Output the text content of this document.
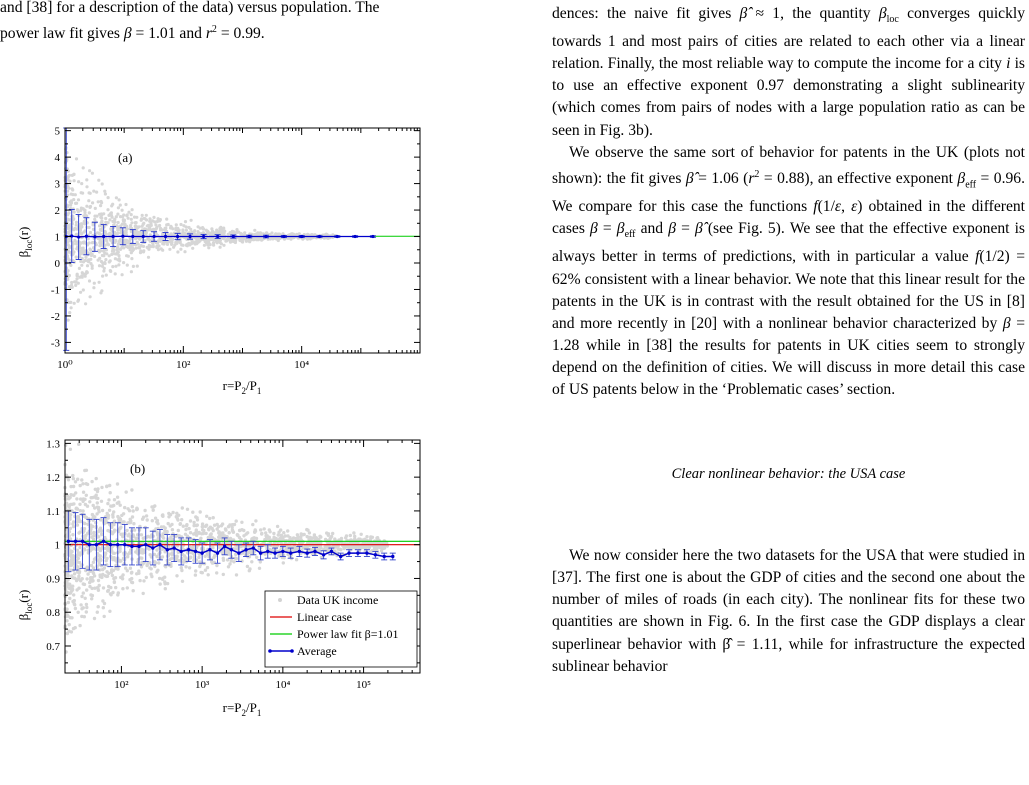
and [38] for a description of the data) versus population. The
power law fit gives β = 1.01 and $r^2 = 0.99$.
5
4
3
2
1
0
-1
-2
-3
10⁰	10²	10⁴
(a)
$\beta_{loc}(r)$
$r=P_2/P_1$
1.3
1.2
1.1
1
0.9
0.8
0.7
10²	10³	10⁴	10⁵
(b)
$\beta_{loc}(r)$
$r=P_2/P_1$
Data UK income
Linear case
Power law fit β=1.01
Average

dences: the naive fit gives β̂ ≈ 1, the quantity $\beta_{loc}$ converges quickly towards 1 and most pairs of cities are related to each other via a linear relation. Finally, the most reliable way to compute the income for a city i is to use an effective exponent 0.97 demonstrating a slight sublinearity (which comes from pairs of nodes with a large population ratio as can be seen in Fig. 3b).

We observe the same sort of behavior for patents in the UK (plots not shown): the fit gives β̂ = 1.06 $(r^2 = 0.88)$, an effective exponent $\beta_{eff} = 0.96$. We compare for this case the functions f(1/ε, ε) obtained in the different cases $\beta = \beta_{eff}$ and β = β̂ (see Fig. 5). We see that the effective exponent is always better in terms of predictions, with in particular a value f(1/2) = 62% consistent with a linear behavior. We note that this linear result for the patents in the UK is in contrast with the result obtained for the US in [8] and more recently in [20] with a nonlinear behavior characterized by β = 1.28 while in [38] the results for patents in UK cities seem to strongly depend on the definition of cities. We will discuss in more detail this case of US patents below in the ‘Problematic cases’ section.

Clear nonlinear behavior: the USA case

We now consider here the two datasets for the USA that were studied in [37]. The first one is about the GDP of cities and the second one about the number of miles of roads (in each city). The nonlinear fits for these two quantities are shown in Fig. 6. In the first case the GDP displays a clear superlinear behavior with β̂ = 1.11, while for infrastructure the expected sublinear behavior
